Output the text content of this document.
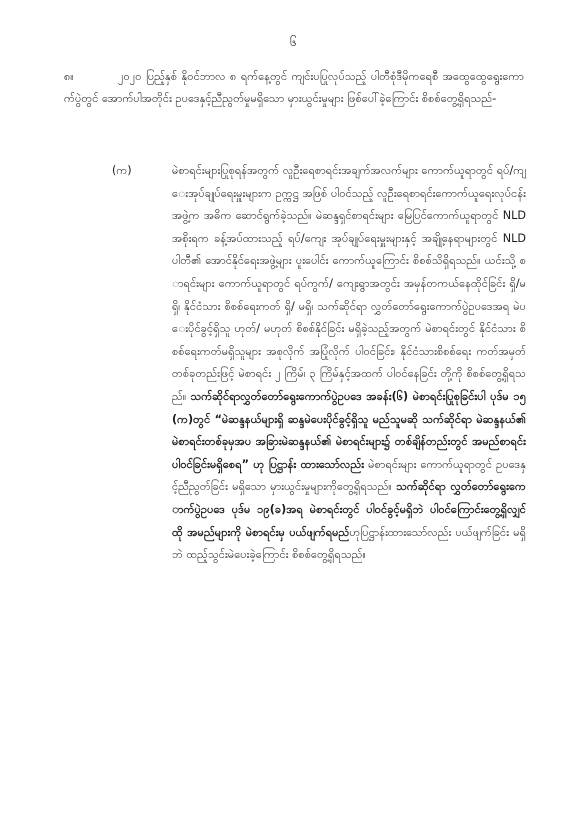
၆
၈။	၂၀၂၀ ပြည့်နှစ် နိုဝင်ဘာလ ၈ ရက်နေ့တွင် ကျင်းပပြုလုပ်သည့် ပါတီစုံဒီမိုကရေစီ အထွေထွေရွေးကောက်ပွဲတွင် အောက်ပါအတိုင်း ဥပဒေနှင့်ညီညွတ်မှုမရှိသော မှားယွင်းမှုများ ဖြစ်ပေါ်ခဲ့ကြောင်း စိစစ်တွေ့ရှိရသည်-

(က)	မဲစာရင်းများပြုစုရန်အတွက် လူဦးရေစာရင်းအချက်အလက်များ ကောက်ယူရာတွင် ရပ်/ကျေးအုပ်ချုပ်ရေးမှူးများက ဥက္ကဋ္ဌ အဖြစ် ပါဝင်သည့် လူဦးရေစာရင်းကောက်ယူရေးလုပ်ငန်းအဖွဲ့က အဓိက ဆောင်ရွက်ခဲ့သည်။ မဲဆန္ဒရှင်စာရင်းများ မြေပြင်ကောက်ယူရာတွင် NLD အစိုးရက ခန့်အပ်ထားသည့် ရပ်/ကျေး အုပ်ချုပ်ရေးမှူးများနှင့် အချို့နေရာများတွင် NLD ပါတီ၏ အောင်နိုင်ရေးအဖွဲ့များ ပူးပေါင်း ကောက်ယူကြောင်း စိစစ်သိရှိရသည်။ ယင်းသို့ စာရင်းများ ကောက်ယူရာတွင် ရပ်ကွက်/ ကျေးရွာအတွင်း အမှန်တကယ်နေထိုင်ခြင်း ရှိ/မရှိ၊ နိုင်ငံသား စိစစ်ရေးကတ် ရှိ/ မရှိ၊ သက်ဆိုင်ရာ လွှတ်တော်ရွေးကောက်ပွဲဥပဒေအရ မဲပေးပိုင်ခွင့်ရှိသူ ဟုတ်/ မဟုတ် စိစစ်နိုင်ခြင်း မရှိခဲ့သည့်အတွက် မဲစာရင်းတွင် နိုင်ငံသား စိစစ်ရေးကတ်မရှိသူများ အစုလိုက် အပြုံလိုက် ပါဝင်ခြင်း၊ နိုင်ငံသားစိစစ်ရေး ကတ်အမှတ် တစ်ခုတည်းဖြင့် မဲစာရင်း ၂ ကြိမ်၊ ၃ ကြိမ်နှင့်အထက် ပါဝင်နေခြင်း တို့ကို စိစစ်တွေ့ရှိရသည်။ သက်ဆိုင်ရာလွှတ်တော်ရွေးကောက်ပွဲဥပဒေ အခန်း(၆) မဲစာရင်းပြုစုခြင်းပါ ပုဒ်မ ၁၅(က)တွင် “မဲဆန္ဒနယ်များရှိ ဆန္ဒမဲပေးပိုင်ခွင့်ရှိသူ မည်သူမဆို သက်ဆိုင်ရာ မဲဆန္ဒနယ်၏ မဲစာရင်းတစ်ခုမှအပ အခြားမဲဆန္ဒနယ်၏ မဲစာရင်းများ၌ တစ်ချိန်တည်းတွင် အမည်စာရင်း ပါဝင်ခြင်းမရှိစေရ” ဟု ပြဋ္ဌာန်း ထားသော်လည်း မဲစာရင်းများ ကောက်ယူရာတွင် ဥပဒေနှင့်ညီညွတ်ခြင်း မရှိသော မှားယွင်းမှုများကိုတွေ့ရှိရသည်။ သက်ဆိုင်ရာ လွှတ်တော်ရွေးကောက်ပွဲဥပဒေ ပုဒ်မ ၁၉(ခ)အရ မဲစာရင်းတွင် ပါဝင်ခွင့်မရှိဘဲ ပါဝင်ကြောင်းတွေ့ရှိလျှင် ထို အမည်များကို မဲစာရင်းမှ ပယ်ဖျက်ရမည်ဟုပြဋ္ဌာန်းထားသော်လည်း ပယ်ဖျက်ခြင်း မရှိဘဲ ထည့်သွင်းမဲပေးခဲ့ကြောင်း စိစစ်တွေ့ရှိရသည်။
